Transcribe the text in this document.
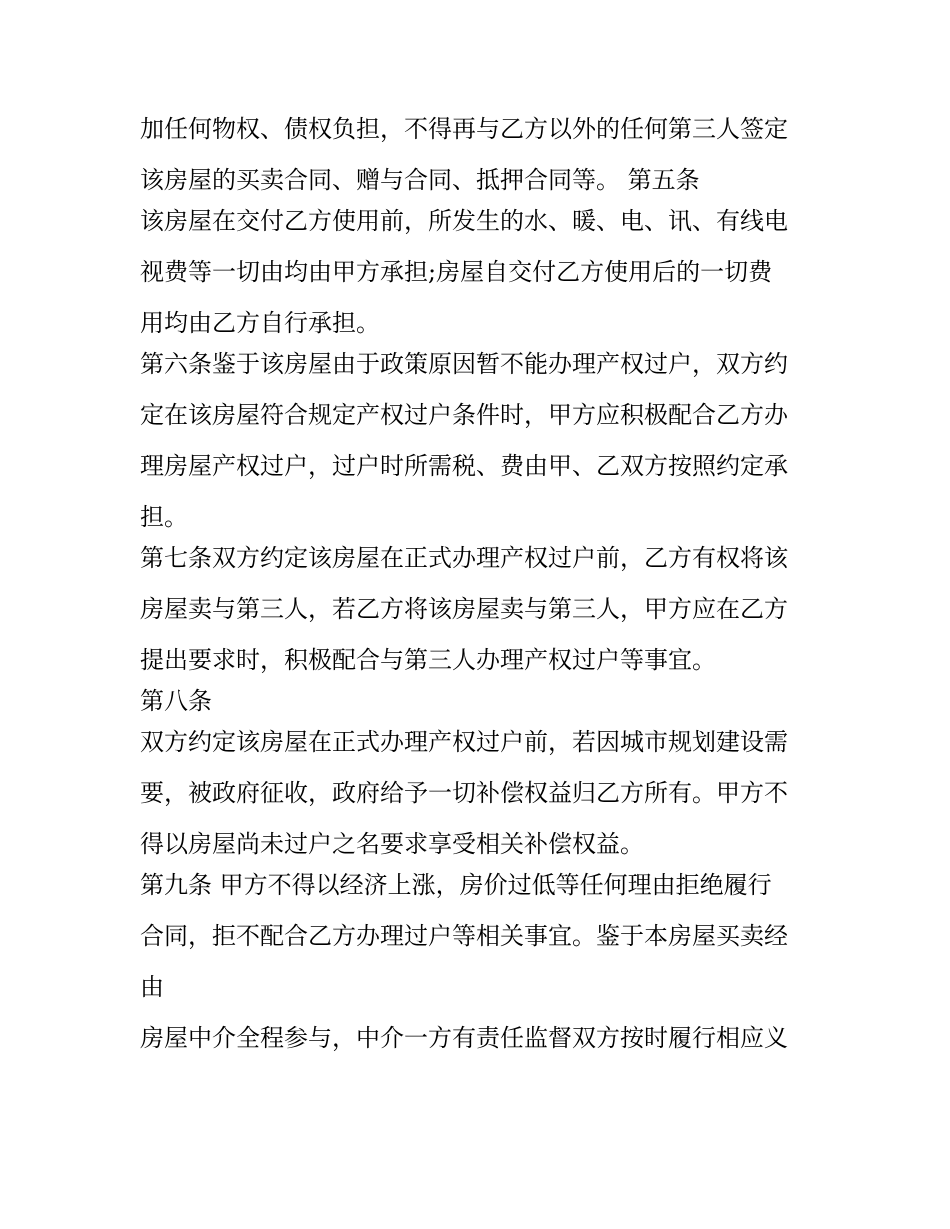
加任何物权、债权负担，不得再与乙方以外的任何第三人签定
该房屋的买卖合同、赠与合同、抵押合同等。 第五条
该房屋在交付乙方使用前，所发生的水、暖、电、讯、有线电
视费等一切由均由甲方承担;房屋自交付乙方使用后的一切费
用均由乙方自行承担。
第六条鉴于该房屋由于政策原因暂不能办理产权过户，双方约
定在该房屋符合规定产权过户条件时，甲方应积极配合乙方办
理房屋产权过户，过户时所需税、费由甲、乙双方按照约定承
担。
第七条双方约定该房屋在正式办理产权过户前，乙方有权将该
房屋卖与第三人，若乙方将该房屋卖与第三人，甲方应在乙方
提出要求时，积极配合与第三人办理产权过户等事宜。
第八条
双方约定该房屋在正式办理产权过户前，若因城市规划建设需
要，被政府征收，政府给予一切补偿权益归乙方所有。甲方不
得以房屋尚未过户之名要求享受相关补偿权益。
第九条 甲方不得以经济上涨，房价过低等任何理由拒绝履行
合同，拒不配合乙方办理过户等相关事宜。鉴于本房屋买卖经
由
房屋中介全程参与，中介一方有责任监督双方按时履行相应义
